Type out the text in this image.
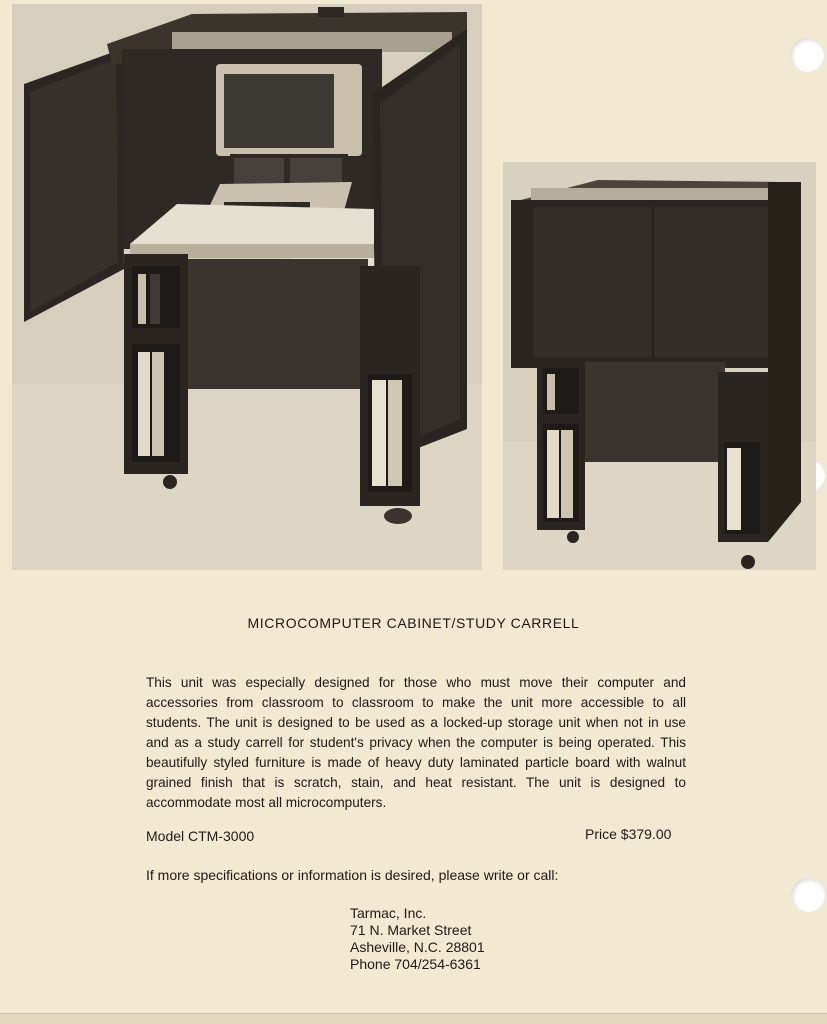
MICROCOMPUTER CABINET/STUDY CARRELL
This unit was especially designed for those who must move their computer and accessories from classroom to classroom to make the unit more accessible to all students. The unit is designed to be used as a locked-up storage unit when not in use and as a study carrell for student's privacy when the computer is being operated. This beautifully styled furniture is made of heavy duty laminated particle board with walnut grained finish that is scratch, stain, and heat resistant. The unit is designed to accommodate most all microcomputers.
Model CTM-3000	Price $379.00
If more specifications or information is desired, please write or call:
Tarmac, Inc.
71 N. Market Street
Asheville, N.C. 28801
Phone 704/254-6361
